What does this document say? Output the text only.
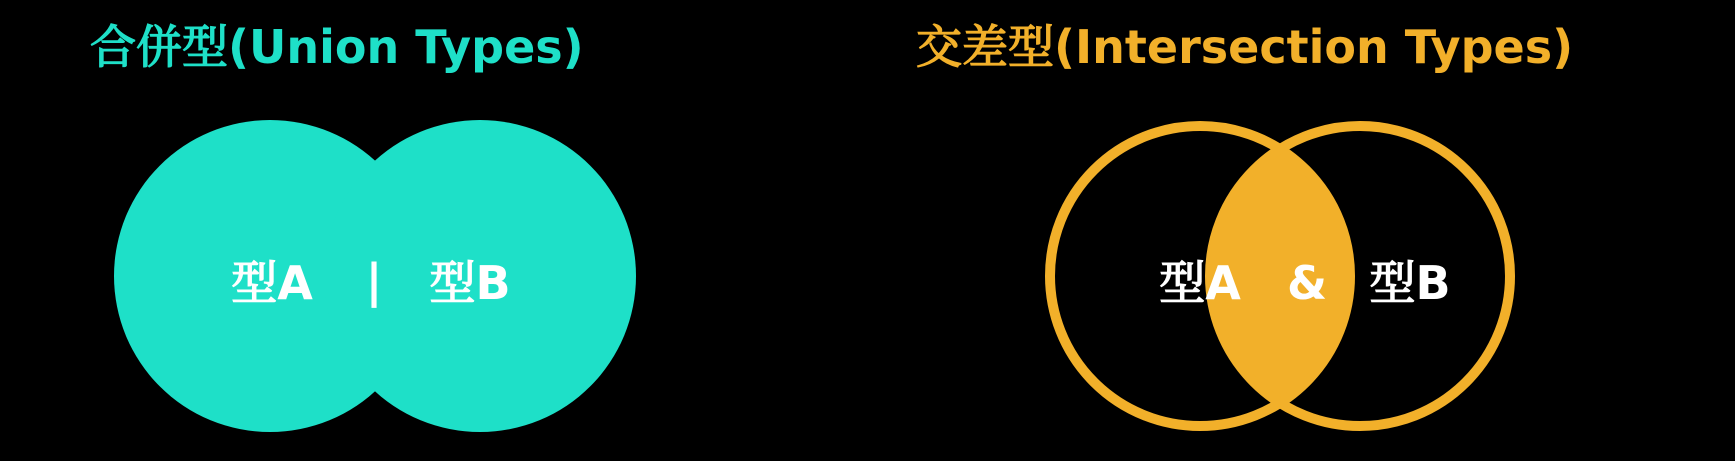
合併型(Union Types)
型A | 型B
交差型(Intersection Types)
型A & 型B
